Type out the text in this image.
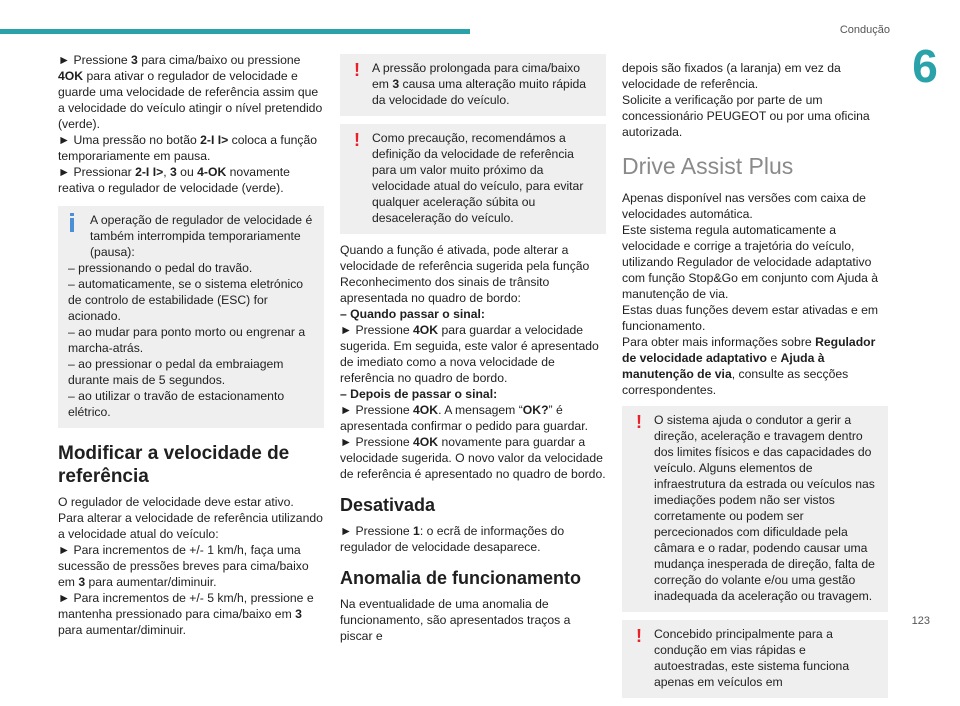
Condução
6
123

► Pressione 3 para cima/baixo ou pressione 4OK para ativar o regulador de velocidade e guarde uma velocidade de referência assim que a velocidade do veículo atingir o nível pretendido (verde).

► Uma pressão no botão 2-I I> coloca a função temporariamente em pausa.

► Pressionar 2-I I>, 3 ou 4-OK novamente reativa o regulador de velocidade (verde).

A operação de regulador de velocidade é também interrompida temporariamente (pausa):

– pressionando o pedal do travão.

– automaticamente, se o sistema eletrónico de controlo de estabilidade (ESC) for acionado.

– ao mudar para ponto morto ou engrenar a marcha-atrás.

– ao pressionar o pedal da embraiagem durante mais de 5 segundos.

– ao utilizar o travão de estacionamento elétrico.

Modificar a velocidade de referência

O regulador de velocidade deve estar ativo.

Para alterar a velocidade de referência utilizando a velocidade atual do veículo:

► Para incrementos de +/- 1 km/h, faça uma sucessão de pressões breves para cima/baixo em 3 para aumentar/diminuir.

► Para incrementos de +/- 5 km/h, pressione e mantenha pressionado para cima/baixo em 3 para aumentar/diminuir.

! A pressão prolongada para cima/baixo em 3 causa uma alteração muito rápida da velocidade do veículo.

! Como precaução, recomendámos a definição da velocidade de referência para um valor muito próximo da velocidade atual do veículo, para evitar qualquer aceleração súbita ou desaceleração do veículo.

Quando a função é ativada, pode alterar a velocidade de referência sugerida pela função Reconhecimento dos sinais de trânsito apresentada no quadro de bordo:

– Quando passar o sinal:

► Pressione 4OK para guardar a velocidade sugerida. Em seguida, este valor é apresentado de imediato como a nova velocidade de referência no quadro de bordo.

– Depois de passar o sinal:

► Pressione 4OK. A mensagem “OK?” é apresentada confirmar o pedido para guardar.

► Pressione 4OK novamente para guardar a velocidade sugerida. O novo valor da velocidade de referência é apresentado no quadro de bordo.

Desativada

► Pressione 1: o ecrã de informações do regulador de velocidade desaparece.

Anomalia de funcionamento

Na eventualidade de uma anomalia de funcionamento, são apresentados traços a piscar e

depois são fixados (a laranja) em vez da velocidade de referência.

Solicite a verificação por parte de um concessionário PEUGEOT ou por uma oficina autorizada.

Drive Assist Plus

Apenas disponível nas versões com caixa de velocidades automática.

Este sistema regula automaticamente a velocidade e corrige a trajetória do veículo, utilizando Regulador de velocidade adaptativo com função Stop&Go em conjunto com Ajuda à manutenção de via.

Estas duas funções devem estar ativadas e em funcionamento.

Para obter mais informações sobre Regulador de velocidade adaptativo e Ajuda à manutenção de via, consulte as secções correspondentes.

! O sistema ajuda o condutor a gerir a direção, aceleração e travagem dentro dos limites físicos e das capacidades do veículo. Alguns elementos de infraestrutura da estrada ou veículos nas imediações podem não ser vistos corretamente ou podem ser percecionados com dificuldade pela câmara e o radar, podendo causar uma mudança inesperada de direção, falta de correção do volante e/ou uma gestão inadequada da aceleração ou travagem.

! Concebido principalmente para a condução em vias rápidas e autoestradas, este sistema funciona apenas em veículos em
